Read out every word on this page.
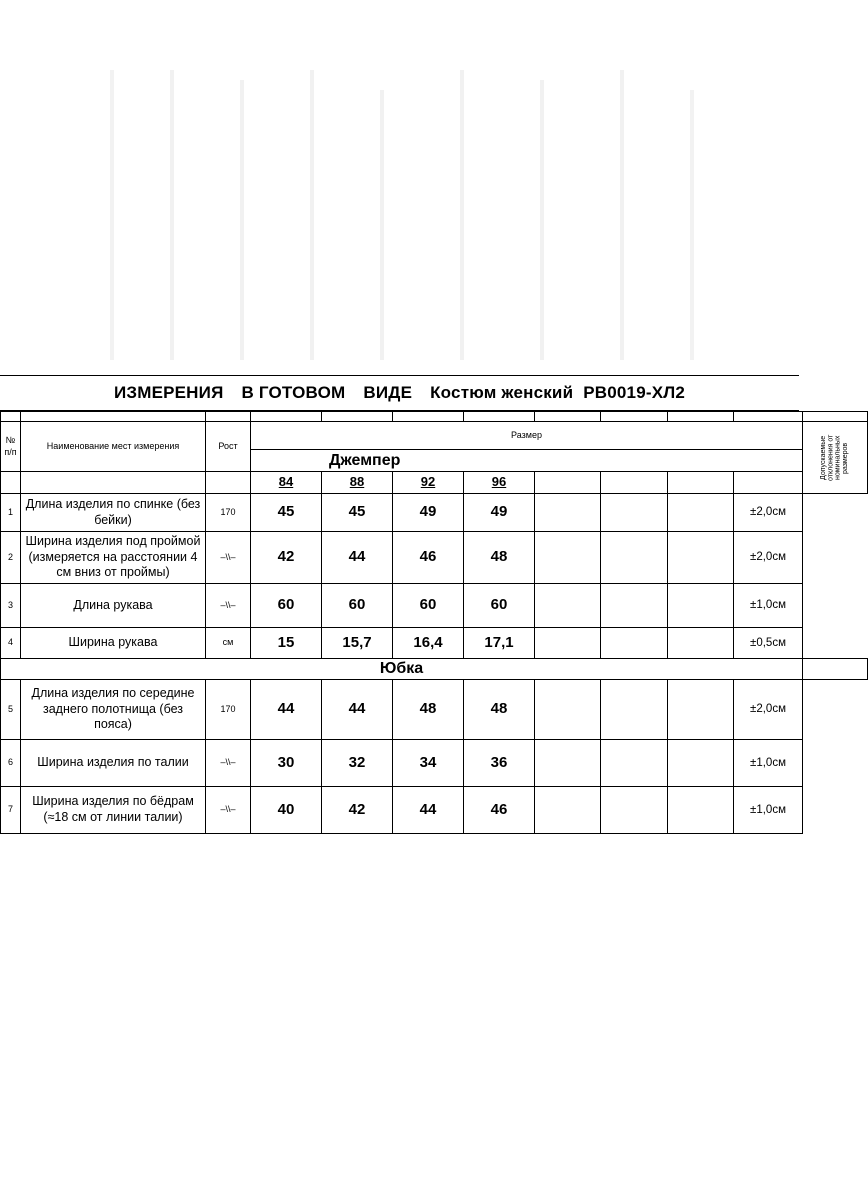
ИЗМЕРЕНИЯ В ГОТОВОМ ВИДЕ Костюм женский РВ0019-ХЛ2

№ п/п	Наименование мест измерения	Рост	Размер								Допускаемые отклонения от номинальных размеров

			Джемпер								
			84	88	92	96					
1	Длина изделия по спинке (без бейки)	170	45	45	49	49				±2,0см	
2	Ширина изделия под проймой (измеряется на расстоянии 4 см вниз от проймы)	–\\–	42	44	46	48				±2,0см	
3	Длина рукава	–\\–	60	60	60	60				±1,0см	
4	Ширина рукава	см	15	15,7	16,4	17,1				±0,5см	
Юбка											
5	Длина изделия по середине заднего полотнища (без пояса)	170	44	44	48	48				±2,0см	
6	Ширина изделия по талии	–\\–	30	32	34	36				±1,0см	
7	Ширина изделия по бёдрам (≈18 см от линии талии)	–\\–	40	42	44	46				±1,0см	
